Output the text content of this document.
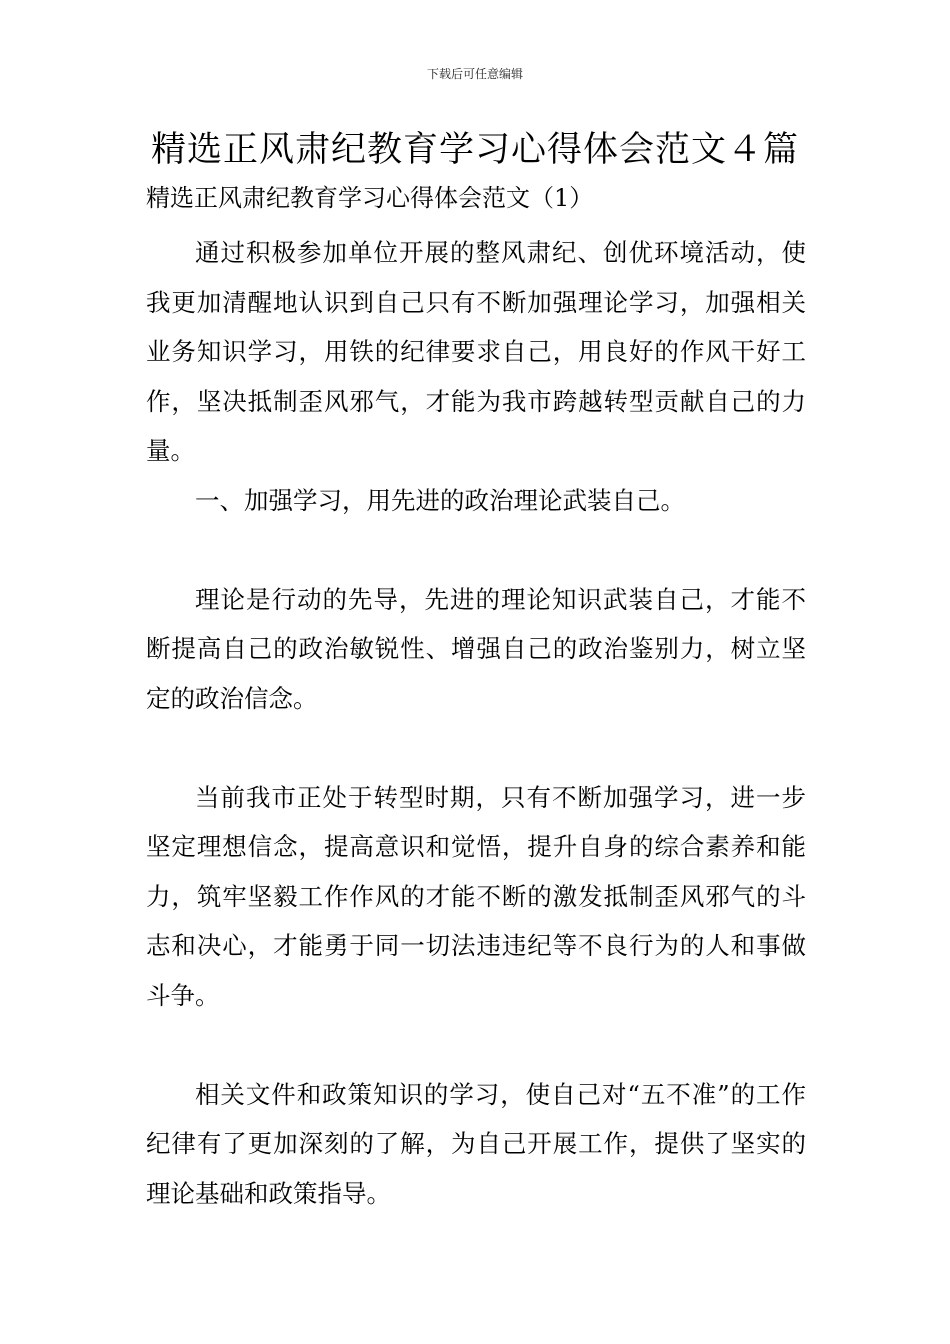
下载后可任意编辑
精选正风肃纪教育学习心得体会范文４篇
精选正风肃纪教育学习心得体会范文（1）

通过积极参加单位开展的整风肃纪、创优环境活动，使我更加清醒地认识到自己只有不断加强理论学习，加强相关业务知识学习，用铁的纪律要求自己，用良好的作风干好工作，坚决抵制歪风邪气，才能为我市跨越转型贡献自己的力量。

一、加强学习，用先进的政治理论武装自己。

理论是行动的先导，先进的理论知识武装自己，才能不断提高自己的政治敏锐性、增强自己的政治鉴别力，树立坚定的政治信念。

当前我市正处于转型时期，只有不断加强学习，进一步坚定理想信念，提高意识和觉悟，提升自身的综合素养和能力，筑牢坚毅工作作风的才能不断的激发抵制歪风邪气的斗志和决心，才能勇于同一切法违违纪等不良行为的人和事做斗争。

相关文件和政策知识的学习，使自己对“五不准”的工作纪律有了更加深刻的了解，为自己开展工作，提供了坚实的理论基础和政策指导。
